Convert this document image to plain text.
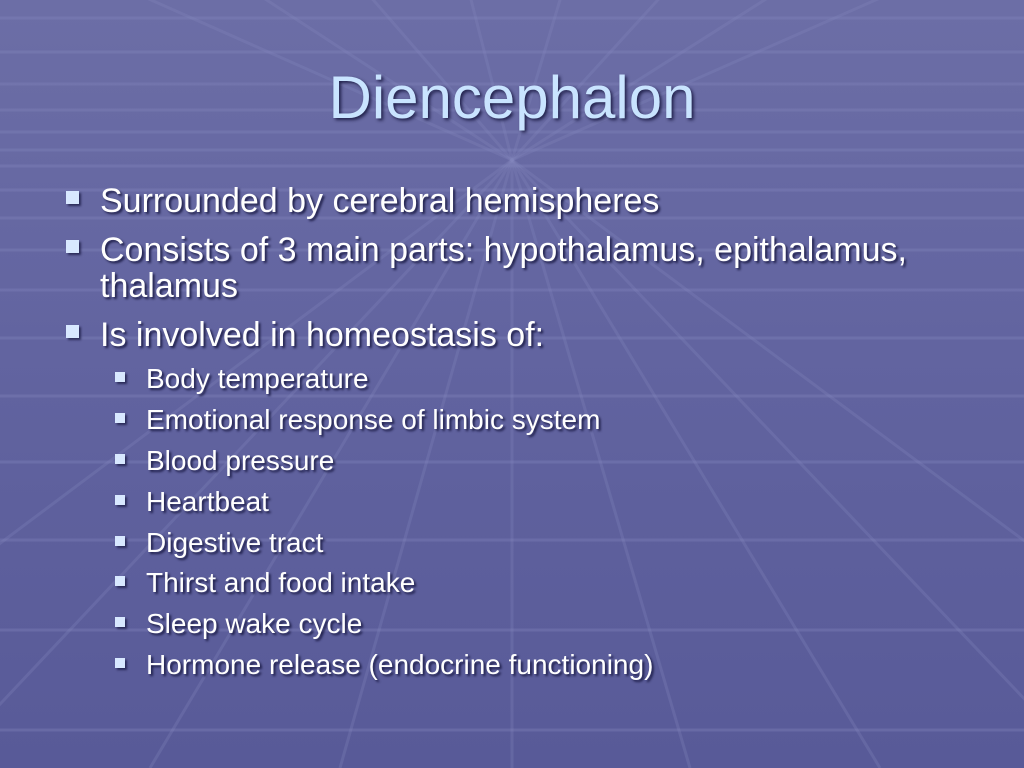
Diencephalon
Surrounded by cerebral hemispheres
Consists of 3 main parts: hypothalamus, epithalamus, thalamus
Is involved in homeostasis of:
Body temperature
Emotional response of limbic system
Blood pressure
Heartbeat
Digestive tract
Thirst and food intake
Sleep wake cycle
Hormone release (endocrine functioning)
